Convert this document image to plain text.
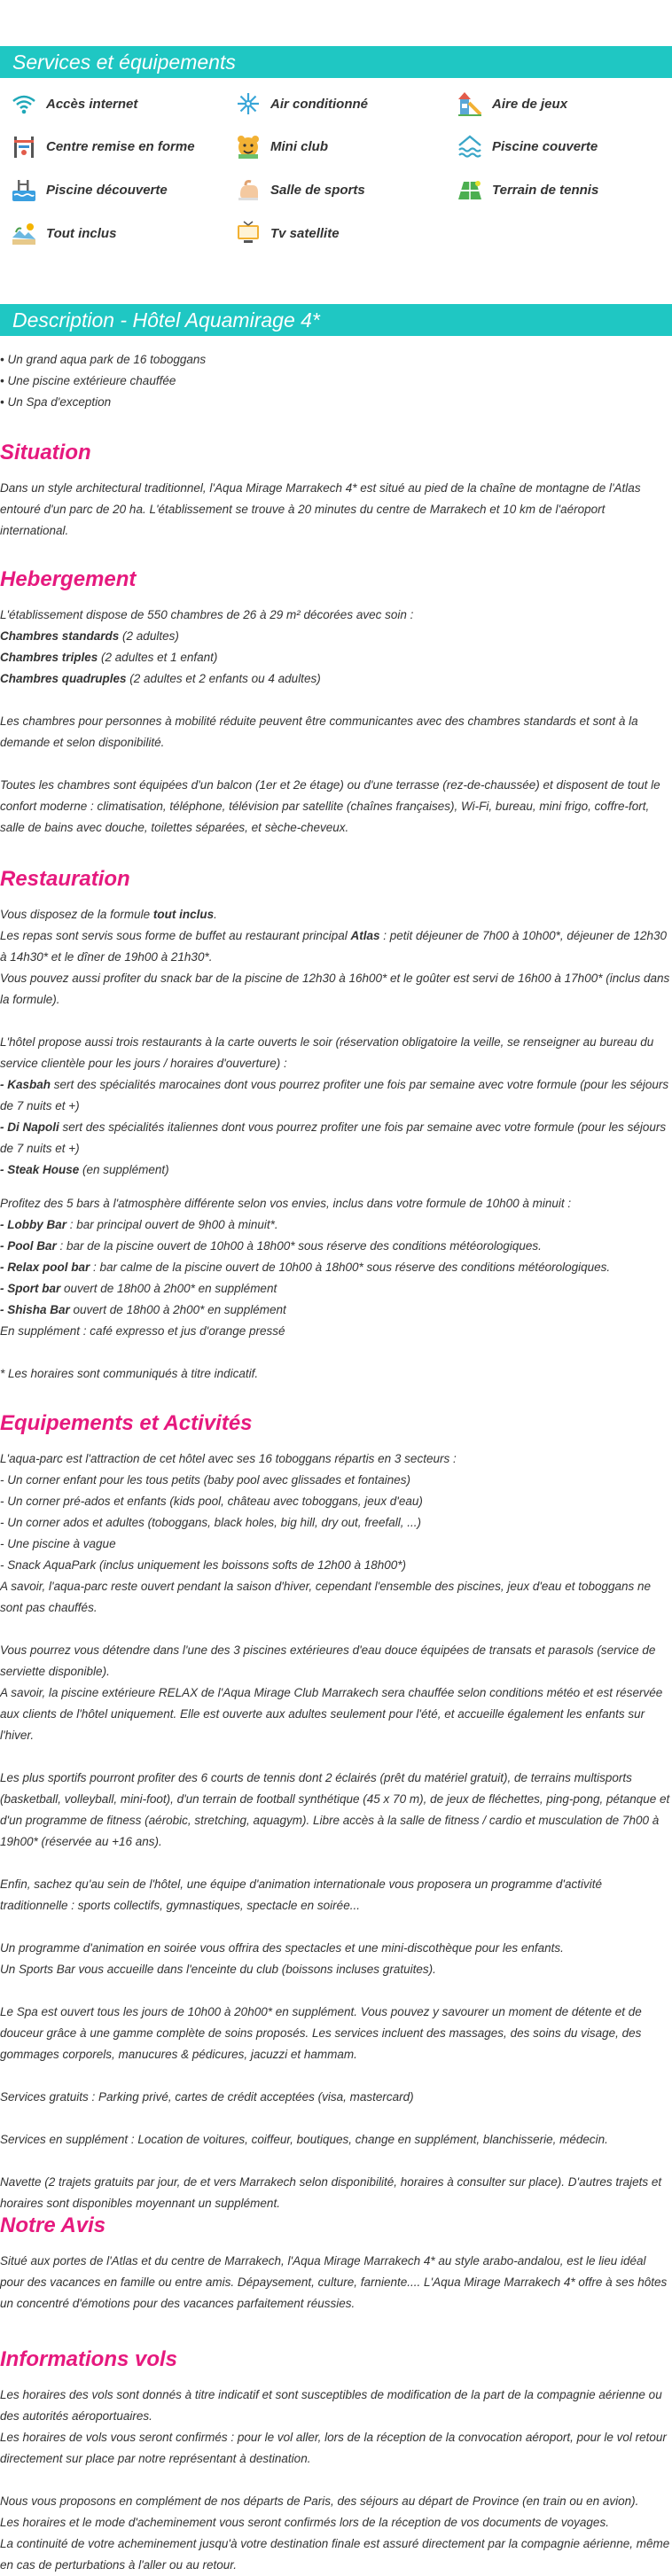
Services et équipements
Accès internet	Air conditionné	Aire de jeux
Centre remise en forme	Mini club	Piscine couverte
Piscine découverte	Salle de sports	Terrain de tennis
Tout inclus	Tv satellite
Description - Hôtel Aquamirage 4*

• Un grand aqua park de 16 toboggans

• Une piscine extérieure chauffée

• Un Spa d'exception

Situation

Dans un style architectural traditionnel, l'Aqua Mirage Marrakech 4* est situé au pied de la chaîne de montagne de l'Atlas entouré d'un parc de 20 ha. L'établissement se trouve à 20 minutes du centre de Marrakech et 10 km de l'aéroport international.

Hebergement

L'établissement dispose de 550 chambres de 26 à 29 m² décorées avec soin :

Chambres standards (2 adultes)

Chambres triples (2 adultes et 1 enfant)

Chambres quadruples (2 adultes et 2 enfants ou 4 adultes)

Les chambres pour personnes à mobilité réduite peuvent être communicantes avec des chambres standards et sont à la demande et selon disponibilité.

Toutes les chambres sont équipées d'un balcon (1er et 2e étage) ou d'une terrasse (rez-de-chaussée) et disposent de tout le confort moderne : climatisation, téléphone, télévision par satellite (chaînes françaises), Wi-Fi, bureau, mini frigo, coffre-fort, salle de bains avec douche, toilettes séparées, et sèche-cheveux.

Restauration

Vous disposez de la formule tout inclus.

Les repas sont servis sous forme de buffet au restaurant principal Atlas : petit déjeuner de 7h00 à 10h00*, déjeuner de 12h30 à 14h30* et le dîner de 19h00 à 21h30*.

Vous pouvez aussi profiter du snack bar de la piscine de 12h30 à 16h00* et le goûter est servi de 16h00 à 17h00* (inclus dans la formule).

L'hôtel propose aussi trois restaurants à la carte ouverts le soir (réservation obligatoire la veille, se renseigner au bureau du service clientèle pour les jours / horaires d'ouverture) :

- Kasbah sert des spécialités marocaines dont vous pourrez profiter une fois par semaine avec votre formule (pour les séjours de 7 nuits et +)

- Di Napoli sert des spécialités italiennes dont vous pourrez profiter une fois par semaine avec votre formule (pour les séjours de 7 nuits et +)

- Steak House (en supplément)

Profitez des 5 bars à l'atmosphère différente selon vos envies, inclus dans votre formule de 10h00 à minuit :

- Lobby Bar : bar principal ouvert de 9h00 à minuit*.

- Pool Bar : bar de la piscine ouvert de 10h00 à 18h00* sous réserve des conditions météorologiques.

- Relax pool bar : bar calme de la piscine ouvert de 10h00 à 18h00* sous réserve des conditions météorologiques.

- Sport bar ouvert de 18h00 à 2h00* en supplément

- Shisha Bar ouvert de 18h00 à 2h00* en supplément

En supplément : café expresso et jus d'orange pressé

* Les horaires sont communiqués à titre indicatif.

Equipements et Activités

L'aqua-parc est l'attraction de cet hôtel avec ses 16 toboggans répartis en 3 secteurs :

- Un corner enfant pour les tous petits (baby pool avec glissades et fontaines)

- Un corner pré-ados et enfants (kids pool, château avec toboggans, jeux d'eau)

- Un corner ados et adultes (toboggans, black holes, big hill, dry out, freefall, ...)

- Une piscine à vague

- Snack AquaPark (inclus uniquement les boissons softs de 12h00 à 18h00*)

A savoir, l'aqua-parc reste ouvert pendant la saison d'hiver, cependant l'ensemble des piscines, jeux d'eau et toboggans ne sont pas chauffés.

Vous pourrez vous détendre dans l'une des 3 piscines extérieures d'eau douce équipées de transats et parasols (service de serviette disponible).

A savoir, la piscine extérieure RELAX de l'Aqua Mirage Club Marrakech sera chauffée selon conditions météo et est réservée aux clients de l'hôtel uniquement. Elle est ouverte aux adultes seulement pour l'été, et accueille également les enfants sur l'hiver.

Les plus sportifs pourront profiter des 6 courts de tennis dont 2 éclairés (prêt du matériel gratuit), de terrains multisports (basketball, volleyball, mini-foot), d'un terrain de football synthétique (45 x 70 m), de jeux de fléchettes, ping-pong, pétanque et d'un programme de fitness (aérobic, stretching, aquagym). Libre accès à la salle de fitness / cardio et musculation de 7h00 à 19h00* (réservée au +16 ans).

Enfin, sachez qu'au sein de l'hôtel, une équipe d'animation internationale vous proposera un programme d'activité traditionnelle : sports collectifs, gymnastiques, spectacle en soirée...

Un programme d'animation en soirée vous offrira des spectacles et une mini-discothèque pour les enfants.

Un Sports Bar vous accueille dans l'enceinte du club (boissons incluses gratuites).

Le Spa est ouvert tous les jours de 10h00 à 20h00* en supplément. Vous pouvez y savourer un moment de détente et de douceur grâce à une gamme complète de soins proposés. Les services incluent des massages, des soins du visage, des gommages corporels, manucures & pédicures, jacuzzi et hammam.

Services gratuits : Parking privé, cartes de crédit acceptées (visa, mastercard)

Services en supplément : Location de voitures, coiffeur, boutiques, change en supplément, blanchisserie, médecin.

Navette (2 trajets gratuits par jour, de et vers Marrakech selon disponibilité, horaires à consulter sur place). D'autres trajets et horaires sont disponibles moyennant un supplément.

Notre Avis

Situé aux portes de l'Atlas et du centre de Marrakech, l'Aqua Mirage Marrakech 4* au style arabo-andalou, est le lieu idéal pour des vacances en famille ou entre amis. Dépaysement, culture, farniente.... L'Aqua Mirage Marrakech 4* offre à ses hôtes un concentré d'émotions pour des vacances parfaitement réussies.

Informations vols

Les horaires des vols sont donnés à titre indicatif et sont susceptibles de modification de la part de la compagnie aérienne ou des autorités aéroportuaires.

Les horaires de vols vous seront confirmés : pour le vol aller, lors de la réception de la convocation aéroport, pour le vol retour directement sur place par notre représentant à destination.

Nous vous proposons en complément de nos départs de Paris, des séjours au départ de Province (en train ou en avion).

Les horaires et le mode d'acheminement vous seront confirmés lors de la réception de vos documents de voyages.

La continuité de votre acheminement jusqu'à votre destination finale est assuré directement par la compagnie aérienne, même en cas de perturbations à l'aller ou au retour.
